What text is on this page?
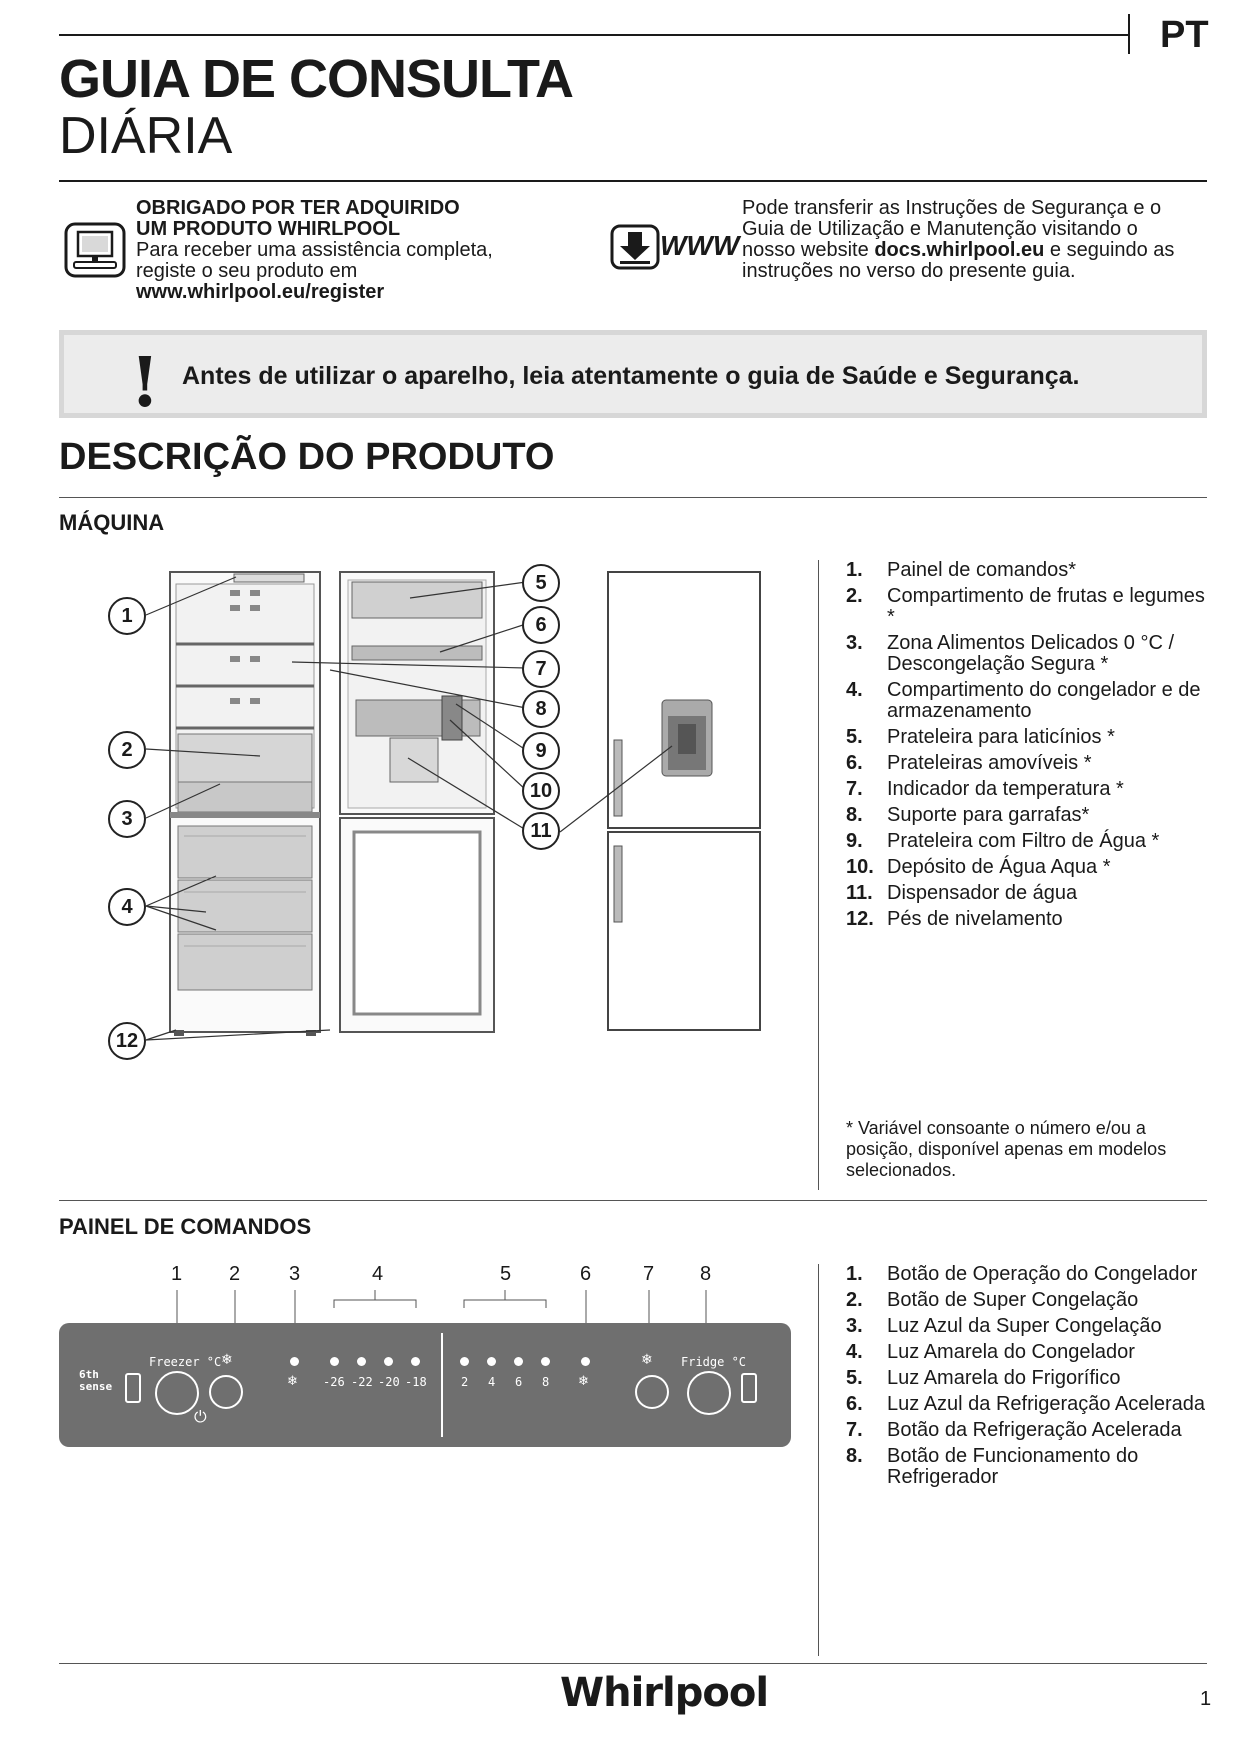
PT
GUIA DE CONSULTA
DIÁRIA
OBRIGADO POR TER ADQUIRIDO
UM PRODUTO WHIRLPOOL
Para receber uma assistência completa,
registe o seu produto em
www.whirlpool.eu/register
WWW
Pode transferir as Instruções de Segurança e o
Guia de Utilização e Manutenção visitando o
nosso website docs.whirlpool.eu e seguindo as
instruções no verso do presente guia.
! Antes de utilizar o aparelho, leia atentamente o guia de Saúde e Segurança.
DESCRIÇÃO DO PRODUTO
MÁQUINA
1
2
3
4
5
6
7
8
9
10
11
12
1. Painel de comandos*
2. Compartimento de frutas e legumes *
3. Zona Alimentos Delicados 0 °C / Descongelação Segura *
4. Compartimento do congelador e de armazenamento
5. Prateleira para laticínios *
6. Prateleiras amovíveis *
7. Indicador da temperatura *
8. Suporte para garrafas*
9. Prateleira com Filtro de Água *
10. Depósito de Água Aqua *
11. Dispensador de água
12. Pés de nivelamento
* Variável consoante o número e/ou a posição, disponível apenas em modelos selecionados.
PAINEL DE COMANDOS
1 2 3	4	5	6	7 8
6th sense
Freezer °C
⏻
❄
❄ -26 -22 -20 -18	2 4 6 8 ❄
❄ Fridge °C
1. Botão de Operação do Congelador
2. Botão de Super Congelação
3. Luz Azul da Super Congelação
4. Luz Amarela do Congelador
5. Luz Amarela do Frigorífico
6. Luz Azul da Refrigeração Acelerada
7. Botão da Refrigeração Acelerada
8. Botão de Funcionamento do Refrigerador
Whirlpool	1
